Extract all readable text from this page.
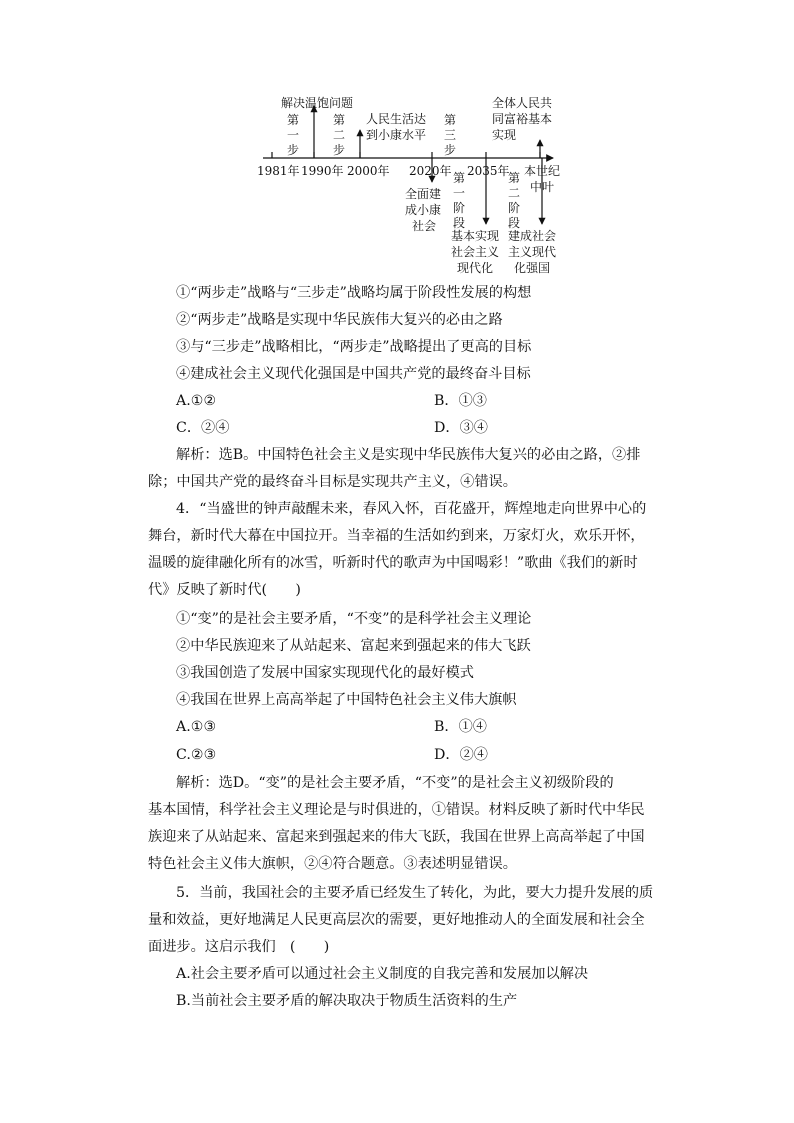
1981年 1990年 2000年 2020年 2035年 本世纪
中叶
第 一 步
解决温饱问题
第 二 步
人民生活达 到小康水平
第 三 步
全体人民共 同富裕基本 实现
全面建 成小康 社会
第 一 阶 段
基本实现 社会主义 现代化
第 二 阶 段
建成社会 主义现代 化强国
①“两步走”战略与“三步走”战略均属于阶段性发展的构想
②“两步走”战略是实现中华民族伟大复兴的必由之路
③与“三步走”战略相比，“两步走”战略提出了更高的目标
④建成社会主义现代化强国是中国共产党的最终奋斗目标
A.①②	B．①③
C．②④	D．③④
解析：选B。中国特色社会主义是实现中华民族伟大复兴的必由之路，②排
除；中国共产党的最终奋斗目标是实现共产主义，④错误。
4．“当盛世的钟声敲醒未来，春风入怀，百花盛开，辉煌地走向世界中心的
舞台，新时代大幕在中国拉开。当幸福的生活如约到来，万家灯火，欢乐开怀，
温暖的旋律融化所有的冰雪，听新时代的歌声为中国喝彩！”歌曲《我们的新时
代》反映了新时代(　　)
①“变”的是社会主要矛盾，“不变”的是科学社会主义理论
②中华民族迎来了从站起来、富起来到强起来的伟大飞跃
③我国创造了发展中国家实现现代化的最好模式
④我国在世界上高高举起了中国特色社会主义伟大旗帜
A.①③	B．①④
C.②③	D．②④
解析：选D。“变”的是社会主要矛盾，“不变”的是社会主义初级阶段的
基本国情，科学社会主义理论是与时俱进的，①错误。材料反映了新时代中华民
族迎来了从站起来、富起来到强起来的伟大飞跃，我国在世界上高高举起了中国
特色社会主义伟大旗帜，②④符合题意。③表述明显错误。
5．当前，我国社会的主要矛盾已经发生了转化，为此，要大力提升发展的质
量和效益，更好地满足人民更高层次的需要，更好地推动人的全面发展和社会全
面进步。这启示我们　(　　)
A.社会主要矛盾可以通过社会主义制度的自我完善和发展加以解决
B.当前社会主要矛盾的解决取决于物质生活资料的生产
